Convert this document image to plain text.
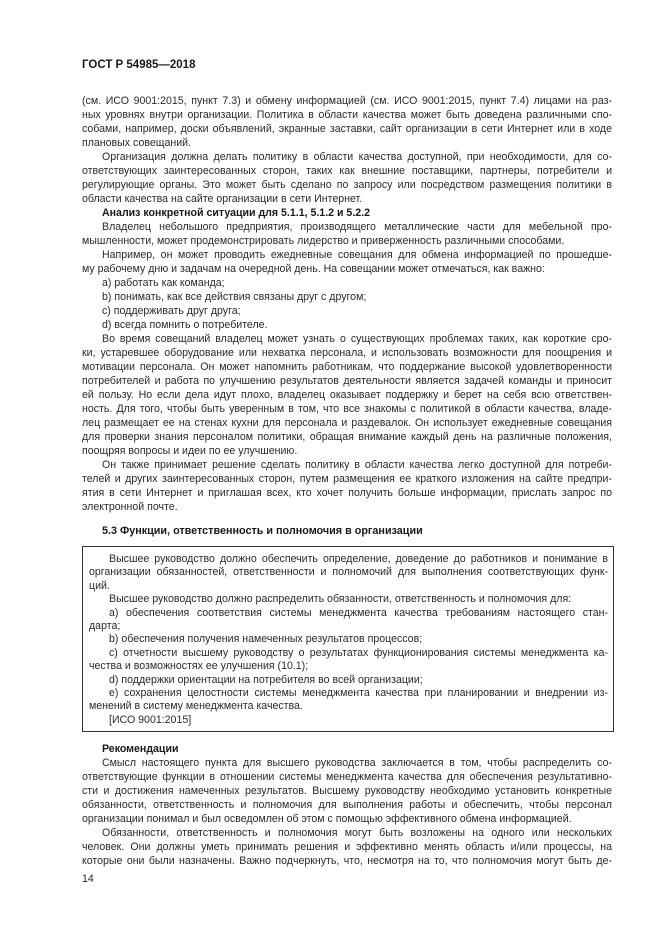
ГОСТ Р 54985—2018
(см. ИСО 9001:2015, пункт 7.3) и обмену информацией (см. ИСО 9001:2015, пункт 7.4) лицами на раз-
ных уровнях внутри организации. Политика в области качества может быть доведена различными спо-
собами, например, доски объявлений, экранные заставки, сайт организации в сети Интернет или в ходе
плановых совещаний.
Организация должна делать политику в области качества доступной, при необходимости, для со-
ответствующих заинтересованных сторон, таких как внешние поставщики, партнеры, потребители и
регулирующие органы. Это может быть сделано по запросу или посредством размещения политики в
области качества на сайте организации в сети Интернет.
Анализ конкретной ситуации для 5.1.1, 5.1.2 и 5.2.2
Владелец небольшого предприятия, производящего металлические части для мебельной про-
мышленности, может продемонстрировать лидерство и приверженность различными способами.
Например, он может проводить ежедневные совещания для обмена информацией по прошедше-
му рабочему дню и задачам на очередной день. На совещании может отмечаться, как важно:
a) работать как команда;
b) понимать, как все действия связаны друг с другом;
c) поддерживать друг друга;
d) всегда помнить о потребителе.
Во время совещаний владелец может узнать о существующих проблемах таких, как короткие сро-
ки, устаревшее оборудование или нехватка персонала, и использовать возможности для поощрения и
мотивации персонала. Он может напомнить работникам, что поддержание высокой удовлетворенности
потребителей и работа по улучшению результатов деятельности является задачей команды и приносит
ей пользу. Но если дела идут плохо, владелец оказывает поддержку и берет на себя всю ответствен-
ность. Для того, чтобы быть уверенным в том, что все знакомы с политикой в области качества, владе-
лец размещает ее на стенах кухни для персонала и раздевалок. Он использует ежедневные совещания
для проверки знания персоналом политики, обращая внимание каждый день на различные положения,
поощряя вопросы и идеи по ее улучшению.
Он также принимает решение сделать политику в области качества легко доступной для потреби-
телей и других заинтересованных сторон, путем размещения ее краткого изложения на сайте предпри-
ятия в сети Интернет и приглашая всех, кто хочет получить больше информации, прислать запрос по
электронной почте.
5.3 Функции, ответственность и полномочия в организации
Высшее руководство должно обеспечить определение, доведение до работников и понимание в
организации обязанностей, ответственности и полномочий для выполнения соответствующих функ-
ций.
Высшее руководство должно распределить обязанности, ответственность и полномочия для:
a) обеспечения соответствия системы менеджмента качества требованиям настоящего стан-
дарта;
b) обеспечения получения намеченных результатов процессов;
c) отчетности высшему руководству о результатах функционирования системы менеджмента ка-
чества и возможностях ее улучшения (10.1);
d) поддержки ориентации на потребителя во всей организации;
e) сохранения целостности системы менеджмента качества при планировании и внедрении из-
менений в систему менеджмента качества.
[ИСО 9001:2015]
Рекомендации
Смысл настоящего пункта для высшего руководства заключается в том, чтобы распределить со-
ответствующие функции в отношении системы менеджмента качества для обеспечения результативно-
сти и достижения намеченных результатов. Высшему руководству необходимо установить конкретные
обязанности, ответственность и полномочия для выполнения работы и обеспечить, чтобы персонал
организации понимал и был осведомлен об этом с помощью эффективного обмена информацией.
Обязанности, ответственность и полномочия могут быть возложены на одного или нескольких
человек. Они должны уметь принимать решения и эффективно менять область и/или процессы, на
которые они были назначены. Важно подчеркнуть, что, несмотря на то, что полномочия могут быть де-
14
